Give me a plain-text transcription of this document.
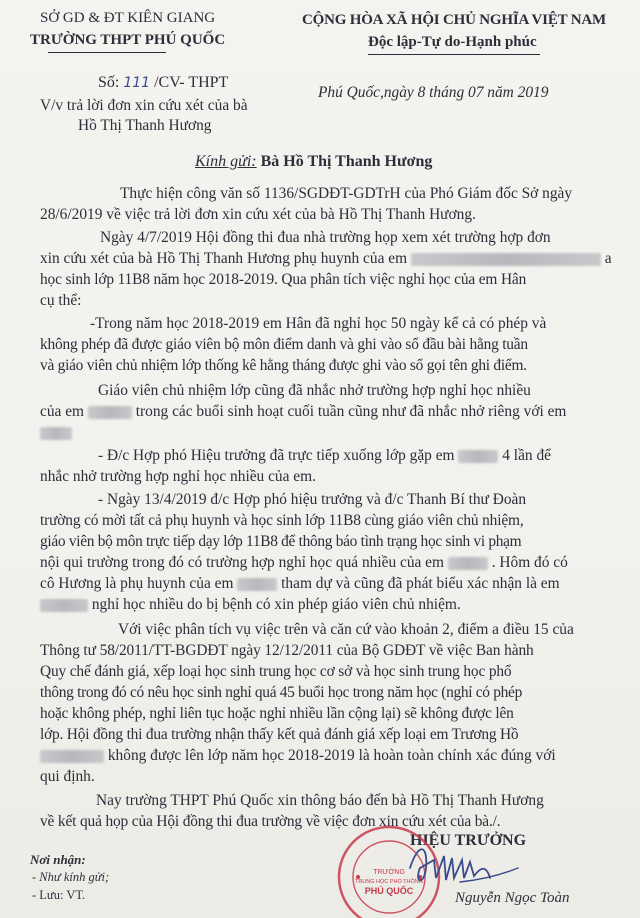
SỞ GD & ĐT KIÊN GIANG
TRƯỜNG THPT PHÚ QUỐC
CỘNG HÒA XÃ HỘI CHỦ NGHĨA VIỆT NAM
Độc lập-Tự do-Hạnh phúc
Số: 111 /CV- THPT
V/v trả lời đơn xin cứu xét của bà
Hồ Thị Thanh Hương
Phú Quốc,ngày 8 tháng 07 năm 2019
Kính gửi: Bà Hồ Thị Thanh Hương
Thực hiện công văn số 1136/SGDĐT-GDTrH của Phó Giám đốc Sở ngày
28/6/2019 về việc trả lời đơn xin cứu xét của bà Hồ Thị Thanh Hương.
Ngày 4/7/2019 Hội đồng thi đua nhà trường họp xem xét trường hợp đơn
xin cứu xét của bà Hồ Thị Thanh Hương phụ huynh của em	a
học sinh lớp 11B8 năm học 2018-2019. Qua phân tích việc nghỉ học của em Hân
cụ thể:
-Trong năm học 2018-2019 em Hân đã nghỉ học 50 ngày kể cả có phép và
không phép đã được giáo viên bộ môn điểm danh và ghi vào sổ đầu bài hằng tuần
và giáo viên chủ nhiệm lớp thống kê hằng tháng được ghi vào sổ gọi tên ghi điểm.
Giáo viên chủ nhiệm lớp cũng đã nhắc nhở trường hợp nghỉ học nhiều
của em	trong các buổi sinh hoạt cuối tuần cũng như đã nhắc nhở riêng với em
- Đ/c Hợp phó Hiệu trưởng đã trực tiếp xuống lớp gặp em	4 lần để
nhắc nhở trường hợp nghỉ học nhiều của em.
- Ngày 13/4/2019 đ/c Hợp phó hiệu trưởng và đ/c Thanh Bí thư Đoàn
trường có mời tất cả phụ huynh và học sinh lớp 11B8 cùng giáo viên chủ nhiệm,
giáo viên bộ môn trực tiếp dạy lớp 11B8 để thông báo tình trạng học sinh vi phạm
nội qui trường trong đó có trường hợp nghỉ học quá nhiều của em	. Hôm đó có
cô Hương là phụ huynh của em	tham dự và cũng đã phát biểu xác nhận là em
nghỉ học nhiều do bị bệnh có xin phép giáo viên chủ nhiệm.
Với việc phân tích vụ việc trên và căn cứ vào khoản 2, điểm a điều 15 của
Thông tư 58/2011/TT-BGDĐT ngày 12/12/2011 của Bộ GDĐT về việc Ban hành
Quy chế đánh giá, xếp loại học sinh trung học cơ sở và học sinh trung học phổ
thông trong đó có nêu học sinh nghỉ quá 45 buổi học trong năm học (nghỉ có phép
hoặc không phép, nghỉ liên tục hoặc nghỉ nhiều lần cộng lại) sẽ không được lên
lớp. Hội đồng thi đua trường nhận thấy kết quả đánh giá xếp loại em Trương Hồ
không được lên lớp năm học 2018-2019 là hoàn toàn chính xác đúng với
qui định.
Nay trường THPT Phú Quốc xin thông báo đến bà Hồ Thị Thanh Hương
về kết quả họp của Hội đồng thi đua trường về việc đơn xin cứu xét của bà./.
HIỆU TRƯỞNG
Nơi nhận:
- Như kính gửi;
- Lưu: VT.
TRƯỜNG
TRUNG HỌC PHỔ THÔNG
PHÚ QUỐC	Nguyễn Ngọc Toàn
